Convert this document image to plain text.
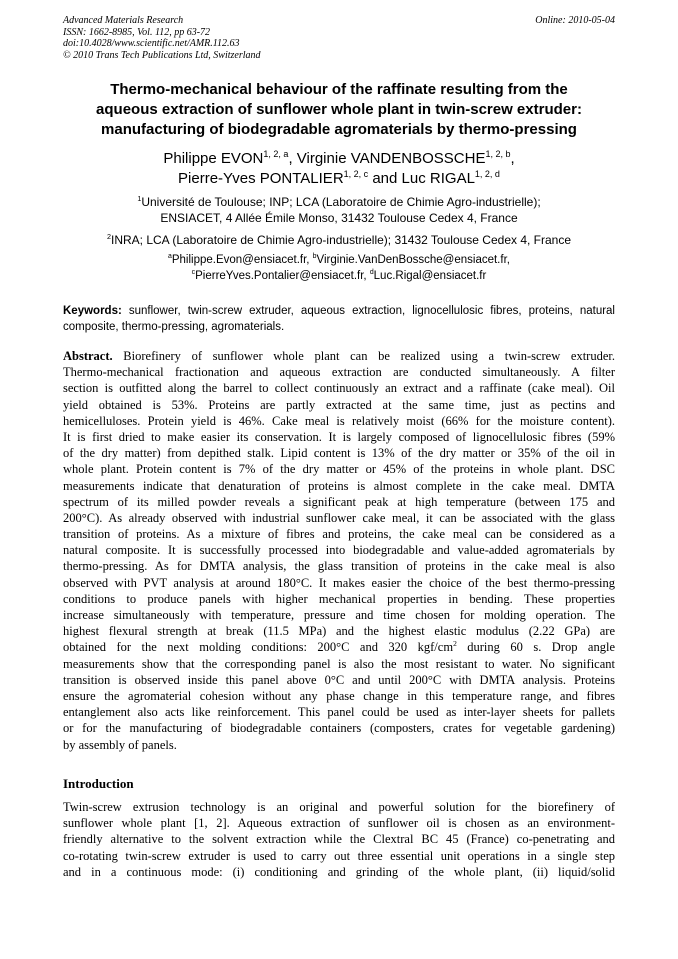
Advanced Materials Research
ISSN: 1662-8985, Vol. 112, pp 63-72
doi:10.4028/www.scientific.net/AMR.112.63
© 2010 Trans Tech Publications Ltd, Switzerland
Online: 2010-05-04
Thermo-mechanical behaviour of the raffinate resulting from the
aqueous extraction of sunflower whole plant in twin-screw extruder:
manufacturing of biodegradable agromaterials by thermo-pressing
Philippe EVON$^{1, 2, a}$, Virginie VANDENBOSSCHE$^{1, 2, b}$,
Pierre-Yves PONTALIER$^{1, 2, c}$ and Luc RIGAL$^{1, 2, d}$
$^1$Université de Toulouse; INP; LCA (Laboratoire de Chimie Agro-industrielle);
ENSIACET, 4 Allée Émile Monso, 31432 Toulouse Cedex 4, France
$^2$INRA; LCA (Laboratoire de Chimie Agro-industrielle); 31432 Toulouse Cedex 4, France
$^a$Philippe.Evon@ensiacet.fr, $^b$Virginie.VanDenBossche@ensiacet.fr,
$^c$PierreYves.Pontalier@ensiacet.fr, $^d$Luc.Rigal@ensiacet.fr
Keywords: sunflower, twin-screw extruder, aqueous extraction, lignocellulosic fibres, proteins, natural composite, thermo-pressing, agromaterials.
Abstract. Biorefinery of sunflower whole plant can be realized using a twin-screw extruder.
Thermo-mechanical fractionation and aqueous extraction are conducted simultaneously. A filter
section is outfitted along the barrel to collect continuously an extract and a raffinate (cake meal). Oil
yield obtained is 53%. Proteins are partly extracted at the same time, just as pectins and
hemicelluloses. Protein yield is 46%. Cake meal is relatively moist (66% for the moisture content).
It is first dried to make easier its conservation. It is largely composed of lignocellulosic fibres (59%
of the dry matter) from depithed stalk. Lipid content is 13% of the dry matter or 35% of the oil in
whole plant. Protein content is 7% of the dry matter or 45% of the proteins in whole plant. DSC
measurements indicate that denaturation of proteins is almost complete in the cake meal. DMTA
spectrum of its milled powder reveals a significant peak at high temperature (between 175 and
200°C). As already observed with industrial sunflower cake meal, it can be associated with the glass
transition of proteins. As a mixture of fibres and proteins, the cake meal can be considered as a
natural composite. It is successfully processed into biodegradable and value-added agromaterials by
thermo-pressing. As for DMTA analysis, the glass transition of proteins in the cake meal is also
observed with PVT analysis at around 180°C. It makes easier the choice of the best thermo-pressing
conditions to produce panels with higher mechanical properties in bending. These properties
increase simultaneously with temperature, pressure and time chosen for molding operation. The
highest flexural strength at break (11.5 MPa) and the highest elastic modulus (2.22 GPa) are
obtained for the next molding conditions: 200°C and 320 kgf/$cm^2$ during 60 s. Drop angle
measurements show that the corresponding panel is also the most resistant to water. No significant
transition is observed inside this panel above 0°C and until 200°C with DMTA analysis. Proteins
ensure the agromaterial cohesion without any phase change in this temperature range, and fibres
entanglement also acts like reinforcement. This panel could be used as inter-layer sheets for pallets
or for the manufacturing of biodegradable containers (composters, crates for vegetable gardening)
by assembly of panels.
Introduction
Twin-screw extrusion technology is an original and powerful solution for the biorefinery of
sunflower whole plant [1, 2]. Aqueous extraction of sunflower oil is chosen as an environment-
friendly alternative to the solvent extraction while the Clextral BC 45 (France) co-penetrating and
co-rotating twin-screw extruder is used to carry out three essential unit operations in a single step
and in a continuous mode: (i) conditioning and grinding of the whole plant, (ii) liquid/solid
